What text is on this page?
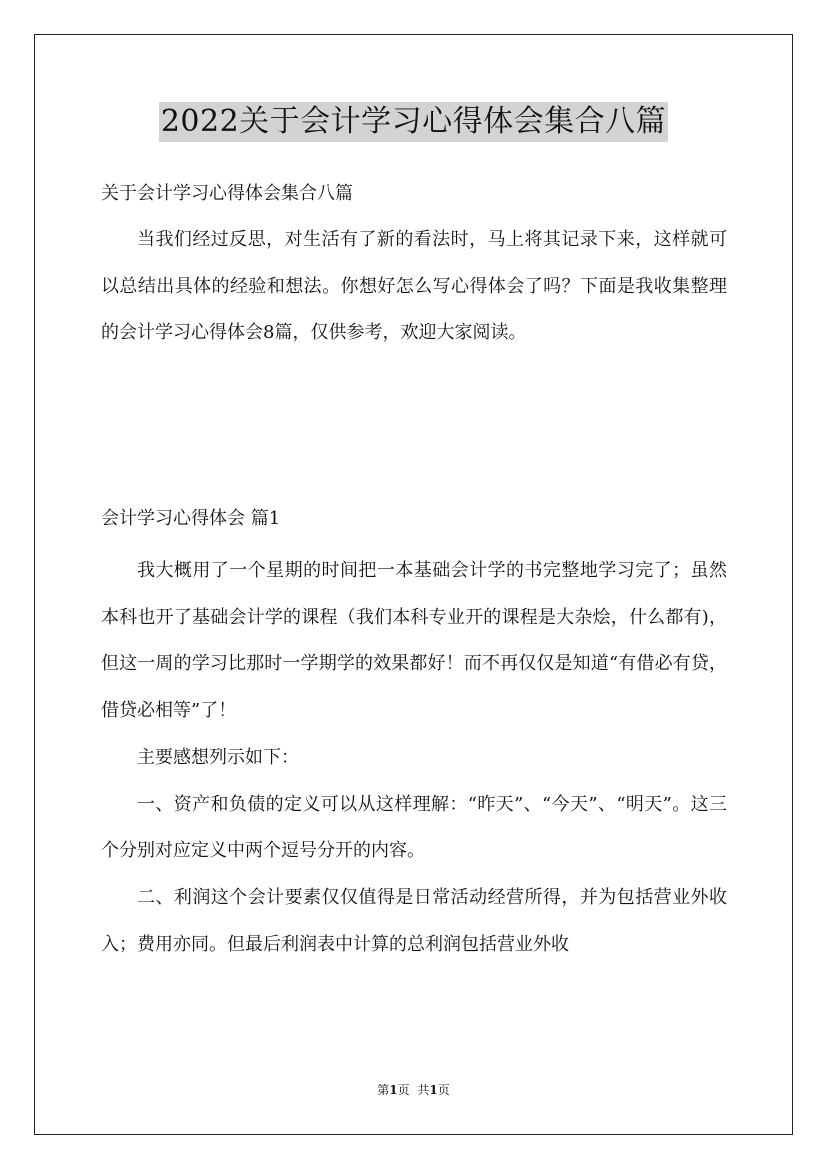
2022关于会计学习心得体会集合八篇

关于会计学习心得体会集合八篇

当我们经过反思，对生活有了新的看法时，马上将其记录下来，这样就可以总结出具体的经验和想法。你想好怎么写心得体会了吗？下面是我收集整理的会计学习心得体会8篇，仅供参考，欢迎大家阅读。

会计学习心得体会 篇1

我大概用了一个星期的时间把一本基础会计学的书完整地学习完了；虽然本科也开了基础会计学的课程（我们本科专业开的课程是大杂烩，什么都有)，但这一周的学习比那时一学期学的效果都好！而不再仅仅是知道“有借必有贷，借贷必相等”了！

主要感想列示如下：

一、资产和负债的定义可以从这样理解：“昨天”、“今天”、“明天”。这三个分别对应定义中两个逗号分开的内容。

二、利润这个会计要素仅仅值得是日常活动经营所得，并为包括营业外收入；费用亦同。但最后利润表中计算的总利润包括营业外收

第1页 共1页
